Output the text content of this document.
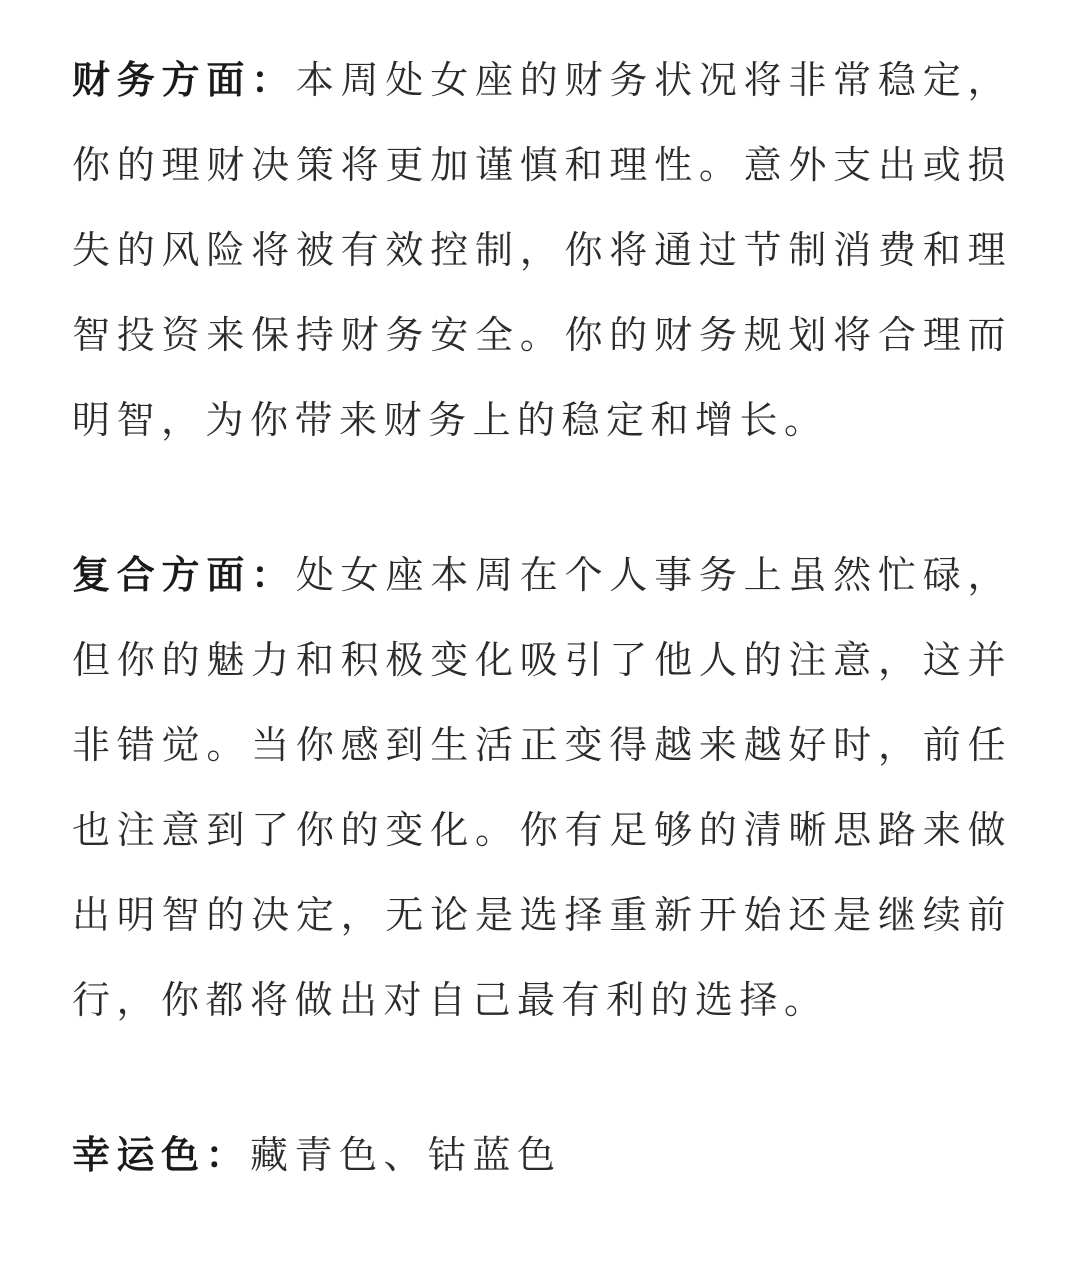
财务方面：本周处女座的财务状况将非常稳定，你的理财决策将更加谨慎和理性。意外支出或损失的风险将被有效控制，你将通过节制消费和理智投资来保持财务安全。你的财务规划将合理而明智，为你带来财务上的稳定和增长。

复合方面：处女座本周在个人事务上虽然忙碌，但你的魅力和积极变化吸引了他人的注意，这并非错觉。当你感到生活正变得越来越好时，前任也注意到了你的变化。你有足够的清晰思路来做出明智的决定，无论是选择重新开始还是继续前行，你都将做出对自己最有利的选择。

幸运色：藏青色、钴蓝色
